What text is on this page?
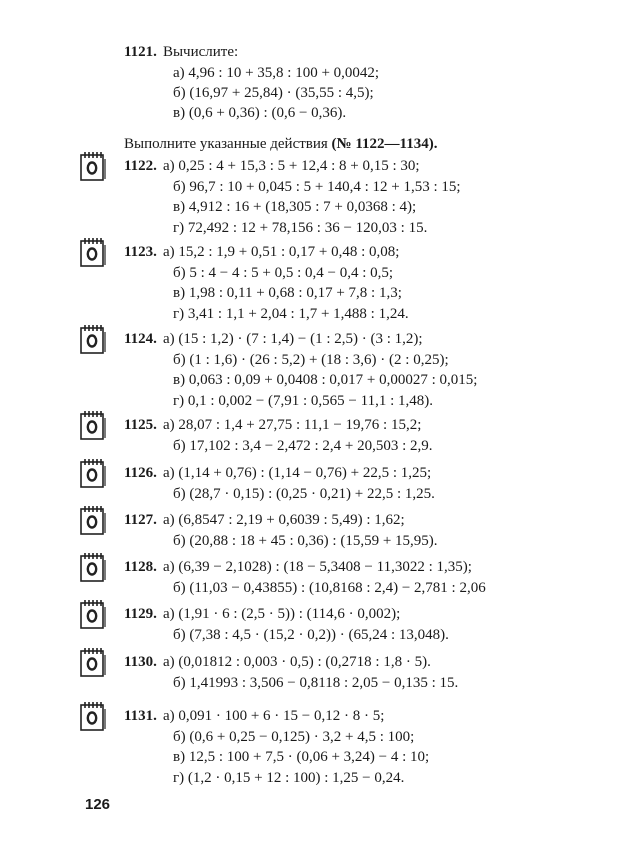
1121. Вычислите:
а) 4,96 : 10 + 35,8 : 100 + 0,0042;
б) (16,97 + 25,84) · (35,55 : 4,5);
в) (0,6 + 0,36) : (0,6 − 0,36).
Выполните указанные действия (№ 1122—1134).
1122. а) 0,25 : 4 + 15,3 : 5 + 12,4 : 8 + 0,15 : 30;
б) 96,7 : 10 + 0,045 : 5 + 140,4 : 12 + 1,53 : 15;
в) 4,912 : 16 + (18,305 : 7 + 0,0368 : 4);
г) 72,492 : 12 + 78,156 : 36 − 120,03 : 15.
1123. а) 15,2 : 1,9 + 0,51 : 0,17 + 0,48 : 0,08;
б) 5 : 4 − 4 : 5 + 0,5 : 0,4 − 0,4 : 0,5;
в) 1,98 : 0,11 + 0,68 : 0,17 + 7,8 : 1,3;
г) 3,41 : 1,1 + 2,04 : 1,7 + 1,488 : 1,24.
1124. а) (15 : 1,2) · (7 : 1,4) − (1 : 2,5) · (3 : 1,2);
б) (1 : 1,6) · (26 : 5,2) + (18 : 3,6) · (2 : 0,25);
в) 0,063 : 0,09 + 0,0408 : 0,017 + 0,00027 : 0,015;
г) 0,1 : 0,002 − (7,91 : 0,565 − 11,1 : 1,48).
1125. а) 28,07 : 1,4 + 27,75 : 11,1 − 19,76 : 15,2;
б) 17,102 : 3,4 − 2,472 : 2,4 + 20,503 : 2,9.
1126. а) (1,14 + 0,76) : (1,14 − 0,76) + 22,5 : 1,25;
б) (28,7 · 0,15) : (0,25 · 0,21) + 22,5 : 1,25.
1127. а) (6,8547 : 2,19 + 0,6039 : 5,49) : 1,62;
б) (20,88 : 18 + 45 : 0,36) : (15,59 + 15,95).
1128. а) (6,39 − 2,1028) : (18 − 5,3408 − 11,3022 : 1,35);
б) (11,03 − 0,43855) : (10,8168 : 2,4) − 2,781 : 2,06
1129. а) (1,91 · 6 : (2,5 · 5)) : (114,6 · 0,002);
б) (7,38 : 4,5 · (15,2 · 0,2)) · (65,24 : 13,048).
1130. а) (0,01812 : 0,003 · 0,5) : (0,2718 : 1,8 · 5).
б) 1,41993 : 3,506 − 0,8118 : 2,05 − 0,135 : 15.
1131. а) 0,091 · 100 + 6 · 15 − 0,12 · 8 · 5;
б) (0,6 + 0,25 − 0,125) · 3,2 + 4,5 : 100;
в) 12,5 : 100 + 7,5 · (0,06 + 3,24) − 4 : 10;
г) (1,2 · 0,15 + 12 : 100) : 1,25 − 0,24.
126
